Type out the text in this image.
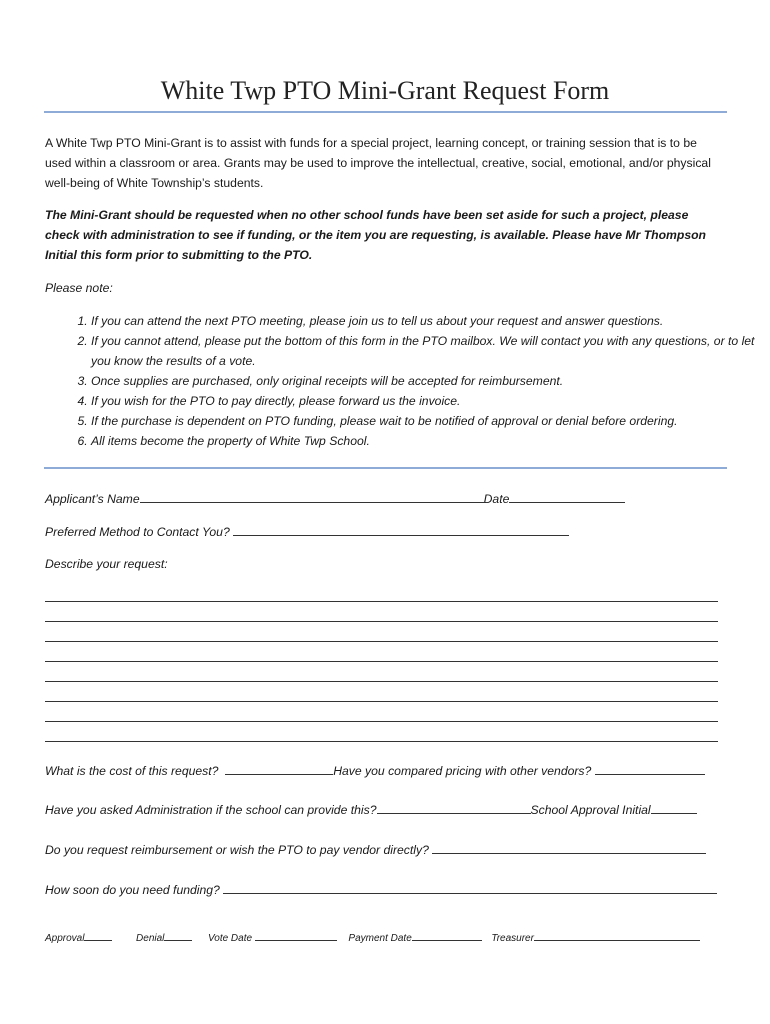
White Twp PTO Mini-Grant Request Form
A White Twp PTO Mini-Grant is to assist with funds for a special project, learning concept, or training session that is to be used within a classroom or area. Grants may be used to improve the intellectual, creative, social, emotional, and/or physical well-being of White Township’s students.
The Mini-Grant should be requested when no other school funds have been set aside for such a project, please check with administration to see if funding, or the item you are requesting, is available. Please have Mr Thompson Initial this form prior to submitting to the PTO.
Please note:
1. If you can attend the next PTO meeting, please join us to tell us about your request and answer questions.
2. If you cannot attend, please put the bottom of this form in the PTO mailbox. We will contact you with any questions, or to let you know the results of a vote.
3. Once supplies are purchased, only original receipts will be accepted for reimbursement.
4. If you wish for the PTO to pay directly, please forward us the invoice.
5. If the purchase is dependent on PTO funding, please wait to be notified of approval or denial before ordering.
6. All items become the property of White Twp School.
Applicant’s Name	Date
Preferred Method to Contact You?
Describe your request:
What is the cost of this request?	Have you compared pricing with other vendors?
Have you asked Administration if the school can provide this?	School Approval Initial
Do you request reimbursement or wish the PTO to pay vendor directly?
How soon do you need funding?
Approval	Denial	Vote Date	Payment Date	Treasurer
